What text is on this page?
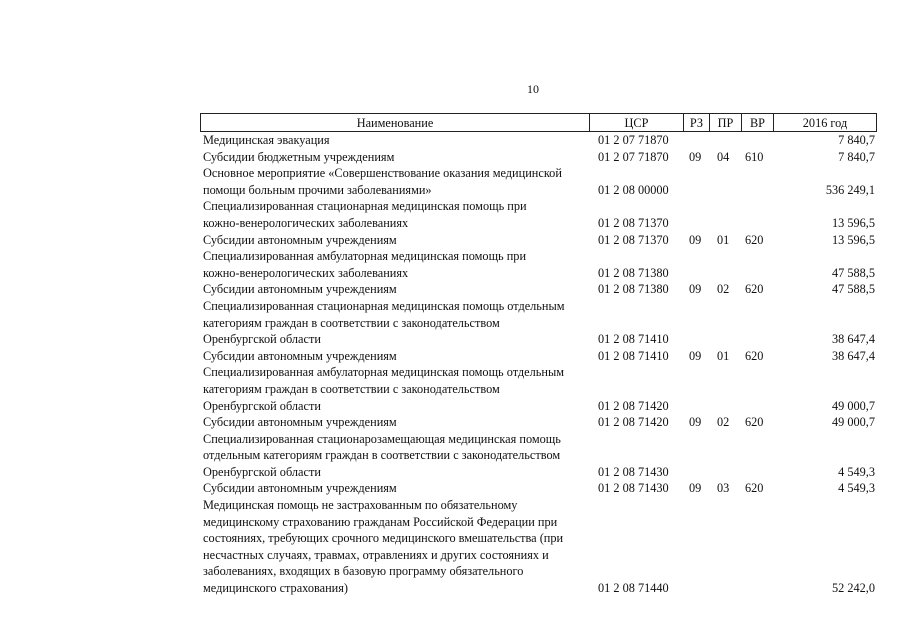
10
Наименование	ЦСР	РЗ	ПР	ВР	2016 год
Медицинская эвакуация	01 2 07 71870	7 840,7
Субсидии бюджетным учреждениям	01 2 07 71870 09 04 610	7 840,7
Основное мероприятие «Совершенствование оказания медицинской
помощи больным прочими заболеваниями»	01 2 08 00000	536 249,1
Специализированная стационарная медицинская помощь при
кожно-венерологических заболеваниях	01 2 08 71370	13 596,5
Субсидии автономным учреждениям	01 2 08 71370 09 01 620	13 596,5
Специализированная амбулаторная медицинская помощь при
кожно-венерологических заболеваниях	01 2 08 71380	47 588,5
Субсидии автономным учреждениям	01 2 08 71380 09 02 620	47 588,5
Специализированная стационарная медицинская помощь отдельным
категориям граждан в соответствии с законодательством
Оренбургской области	01 2 08 71410	38 647,4
Субсидии автономным учреждениям	01 2 08 71410 09 01 620	38 647,4
Специализированная амбулаторная медицинская помощь отдельным
категориям граждан в соответствии с законодательством
Оренбургской области	01 2 08 71420	49 000,7
Субсидии автономным учреждениям	01 2 08 71420 09 02 620	49 000,7
Специализированная стационарозамещающая медицинская помощь
отдельным категориям граждан в соответствии с законодательством
Оренбургской области	01 2 08 71430	4 549,3
Субсидии автономным учреждениям	01 2 08 71430 09 03 620	4 549,3
Медицинская помощь не застрахованным по обязательному
медицинскому страхованию гражданам Российской Федерации при
состояниях, требующих срочного медицинского вмешательства (при
несчастных случаях, травмах, отравлениях и других состояниях и
заболеваниях, входящих в базовую программу обязательного
медицинского страхования)	01 2 08 71440	52 242,0
